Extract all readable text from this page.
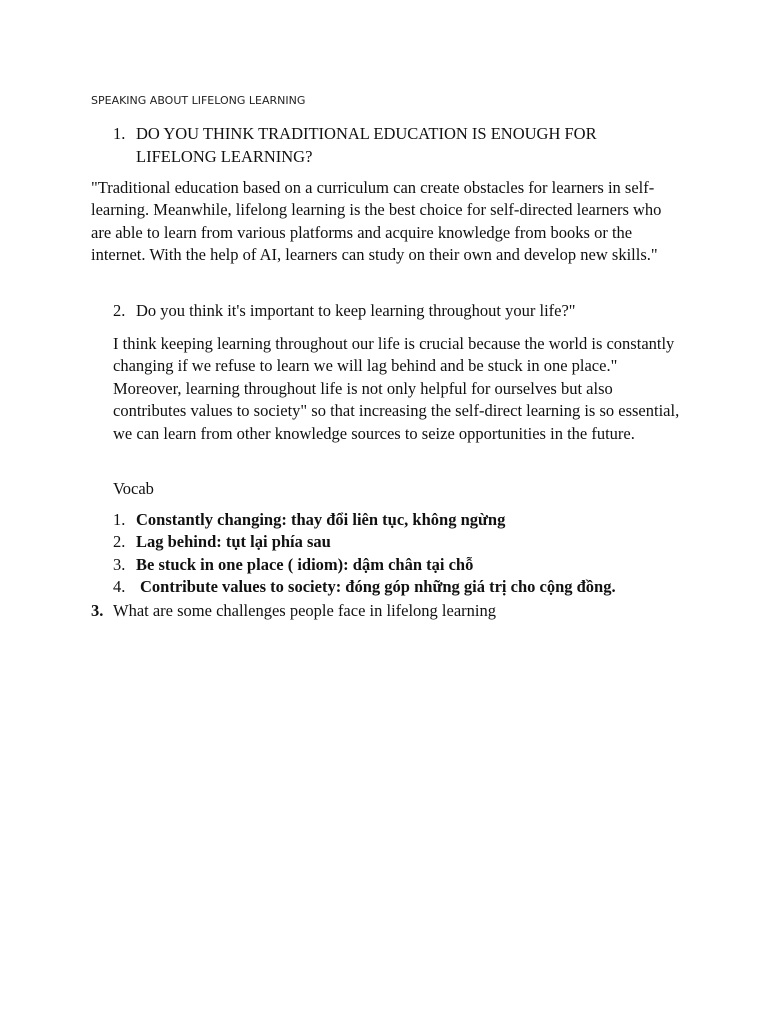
SPEAKING ABOUT LIFELONG LEARNING
1. DO YOU THINK TRADITIONAL EDUCATION IS ENOUGH FOR LIFELONG LEARNING?

"Traditional education based on a curriculum can create obstacles for learners in self-learning. Meanwhile, lifelong learning is the best choice for self-directed learners who are able to learn from various platforms and acquire knowledge from books or the internet. With the help of AI, learners can study on their own and develop new skills."

2. Do you think it's important to keep learning throughout your life?"

I think keeping learning throughout our life is crucial because the world is constantly changing if we refuse to learn we will lag behind and be stuck in one place." Moreover, learning throughout life is not only helpful for ourselves but also contributes values to society" so that increasing the self-direct learning is so essential, we can learn from other knowledge sources to seize opportunities in the future.

Vocab
1. Constantly changing: thay đổi liên tục, không ngừng
2. Lag behind: tụt lại phía sau
3. Be stuck in one place ( idiom): dậm chân tại chỗ
4. Contribute values to society: đóng góp những giá trị cho cộng đồng.
3. What are some challenges people face in lifelong learning
